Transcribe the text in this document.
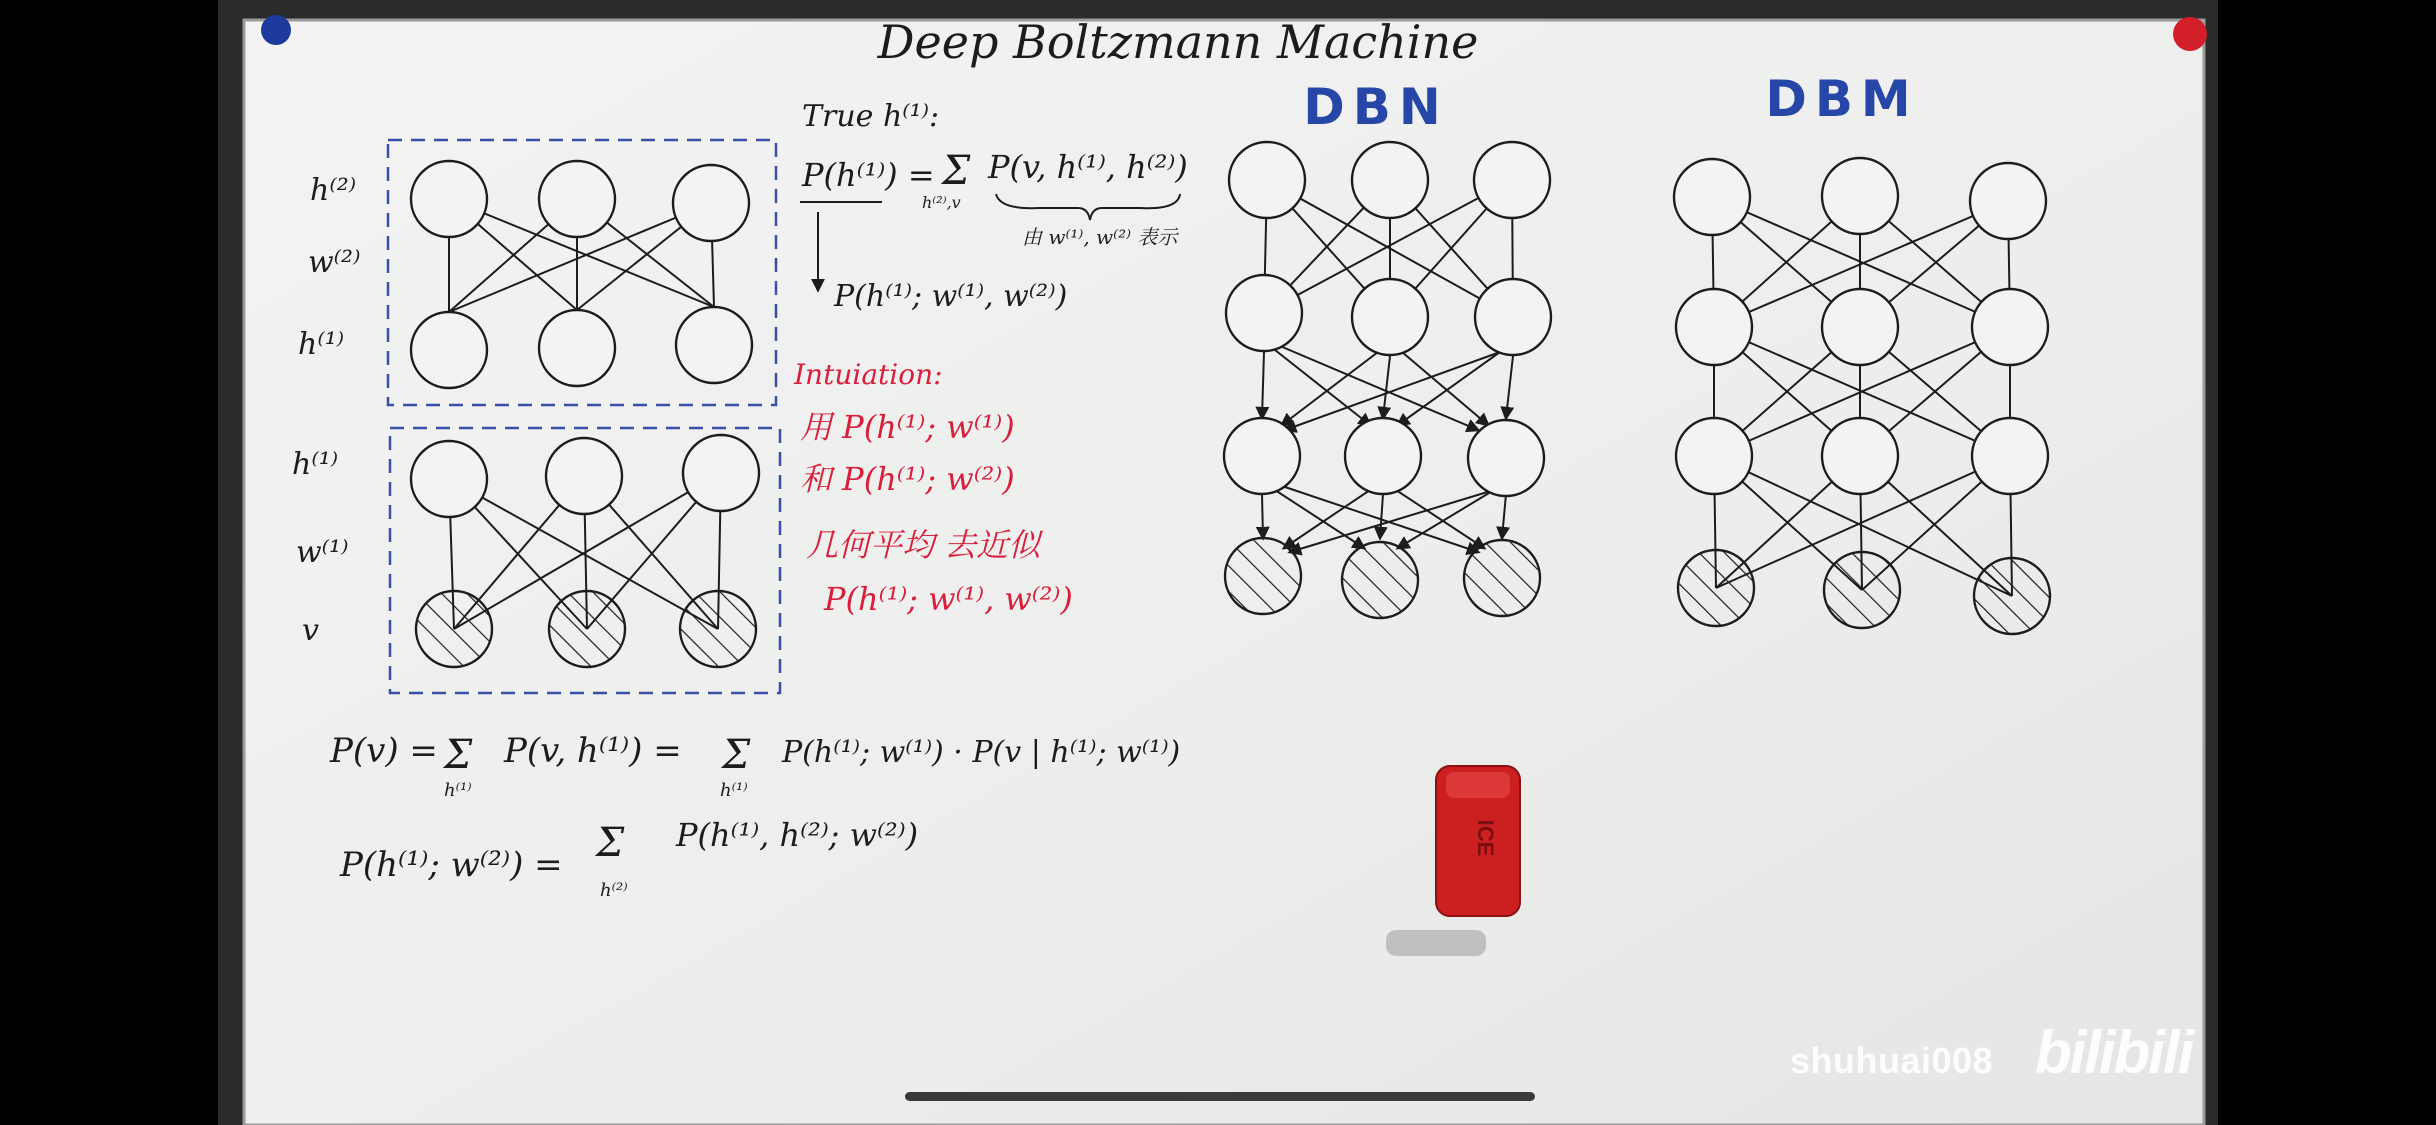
Deep Boltzmann Machine
h⁽²⁾
w⁽²⁾
h⁽¹⁾
h⁽¹⁾
w⁽¹⁾
v
True h⁽¹⁾:
P(h⁽¹⁾) = Σ
h⁽²⁾,v
P(v, h⁽¹⁾, h⁽²⁾)
由 w⁽¹⁾, w⁽²⁾ 表示
P(h⁽¹⁾; w⁽¹⁾, w⁽²⁾)
Intuiation:
用 P(h⁽¹⁾; w⁽¹⁾)
和 P(h⁽¹⁾; w⁽²⁾)
几何平均 去近似
P(h⁽¹⁾; w⁽¹⁾, w⁽²⁾)
P(v) = Σ
h⁽¹⁾
P(v, h⁽¹⁾) = Σ
h⁽¹⁾
P(h⁽¹⁾; w⁽¹⁾) · P(v | h⁽¹⁾; w⁽¹⁾)
P(h⁽¹⁾; w⁽²⁾) = Σ
h⁽²⁾
P(h⁽¹⁾, h⁽²⁾; w⁽²⁾)
DBN	DBM
ICE
shuhuai008 bilibili
